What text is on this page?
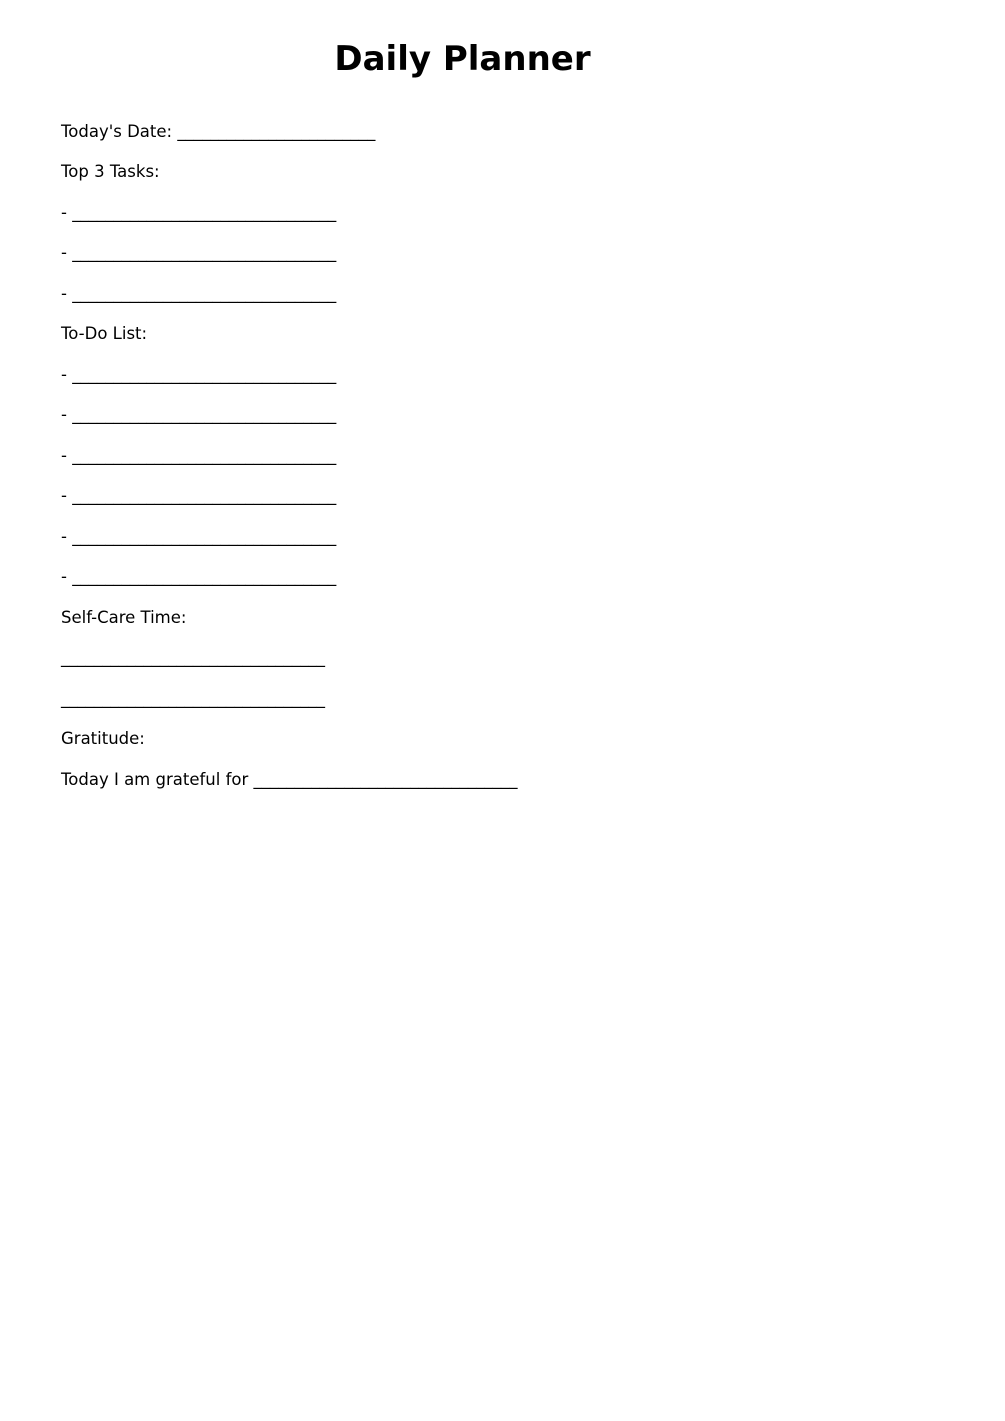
Daily Planner
Today's Date: ________________________
Top 3 Tasks:
- ________________________________
- ________________________________
- ________________________________
To-Do List:
- ________________________________
- ________________________________
- ________________________________
- ________________________________
- ________________________________
- ________________________________
Self-Care Time:
________________________________
________________________________
Gratitude:
Today I am grateful for ________________________________
